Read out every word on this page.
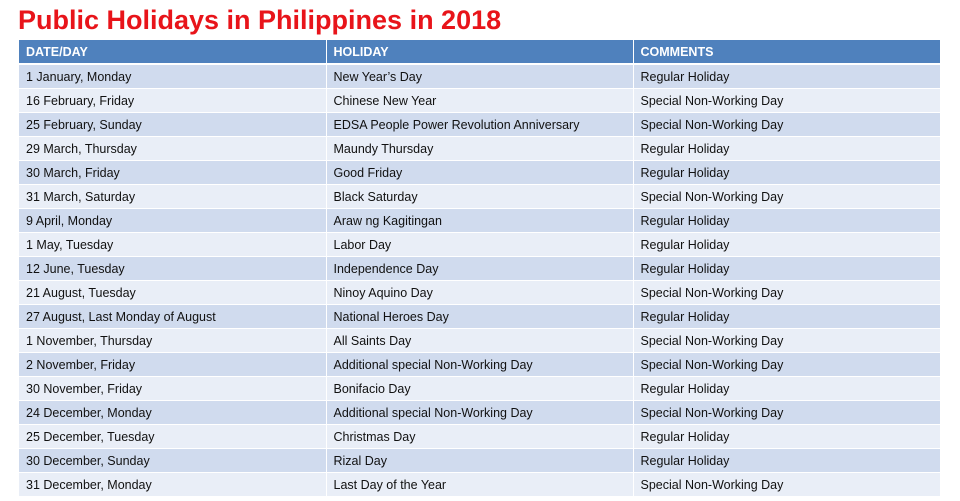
Public Holidays in Philippines in 2018
DATE/DAY	HOLIDAY	COMMENTS
1 January, Monday	New Year’s Day	Regular Holiday
16 February, Friday	Chinese New Year	Special Non-Working Day
25 February, Sunday	EDSA People Power Revolution Anniversary	Special Non-Working Day
29 March, Thursday	Maundy Thursday	Regular Holiday
30 March, Friday	Good Friday	Regular Holiday
31 March, Saturday	Black Saturday	Special Non-Working Day
9 April, Monday	Araw ng Kagitingan	Regular Holiday
1 May, Tuesday	Labor Day	Regular Holiday
12 June, Tuesday	Independence Day	Regular Holiday
21 August, Tuesday	Ninoy Aquino Day	Special Non-Working Day
27 August, Last Monday of August	National Heroes Day	Regular Holiday
1 November, Thursday	All Saints Day	Special Non-Working Day
2 November, Friday	Additional special Non-Working Day	Special Non-Working Day
30 November, Friday	Bonifacio Day	Regular Holiday
24 December, Monday	Additional special Non-Working Day	Special Non-Working Day
25 December, Tuesday	Christmas Day	Regular Holiday
30 December, Sunday	Rizal Day	Regular Holiday
31 December, Monday	Last Day of the Year	Special Non-Working Day
